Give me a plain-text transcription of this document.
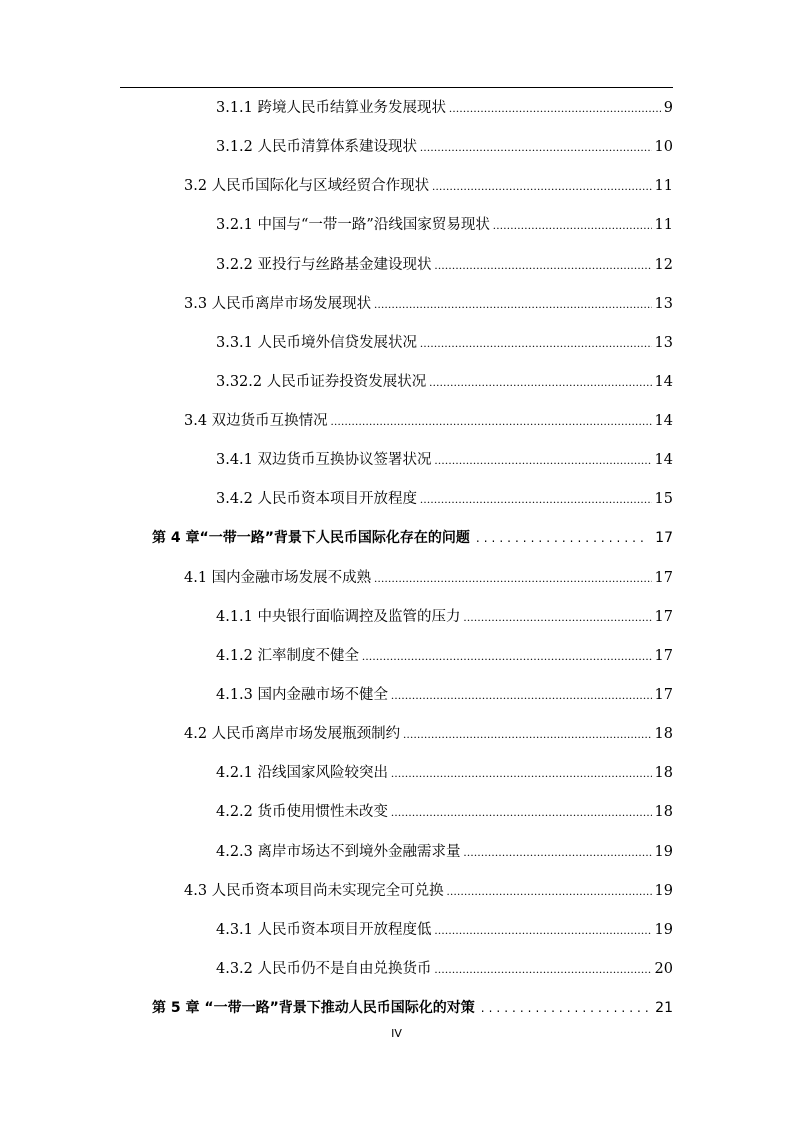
3.1.1 跨境人民币结算业务发展现状 .....	9
3.1.2 人民币清算体系建设现状 .....	10
3.2 人民币国际化与区域经贸合作现状 .....	11
3.2.1 中国与“一带一路”沿线国家贸易现状 .....	11
3.2.2 亚投行与丝路基金建设现状 .....	12
3.3 人民币离岸市场发展现状 .....	13
3.3.1 人民币境外信贷发展状况 .....	13
3.32.2 人民币证券投资发展状况 .....	14
3.4 双边货币互换情况 .....	14
3.4.1 双边货币互换协议签署状况 .....	14
3.4.2 人民币资本项目开放程度 .....	15
第 4 章“一带一路”背景下人民币国际化存在的问题 .....	17
4.1 国内金融市场发展不成熟 .....	17
4.1.1 中央银行面临调控及监管的压力 .....	17
4.1.2 汇率制度不健全 .....	17
4.1.3 国内金融市场不健全 .....	17
4.2 人民币离岸市场发展瓶颈制约 .....	18
4.2.1 沿线国家风险较突出 .....	18
4.2.2 货币使用惯性未改变 .....	18
4.2.3 离岸市场达不到境外金融需求量 .....	19
4.3 人民币资本项目尚未实现完全可兑换 .....	19
4.3.1 人民币资本项目开放程度低 .....	19
4.3.2 人民币仍不是自由兑换货币 .....	20
第 5 章 “一带一路”背景下推动人民币国际化的对策 .....	21
IV
